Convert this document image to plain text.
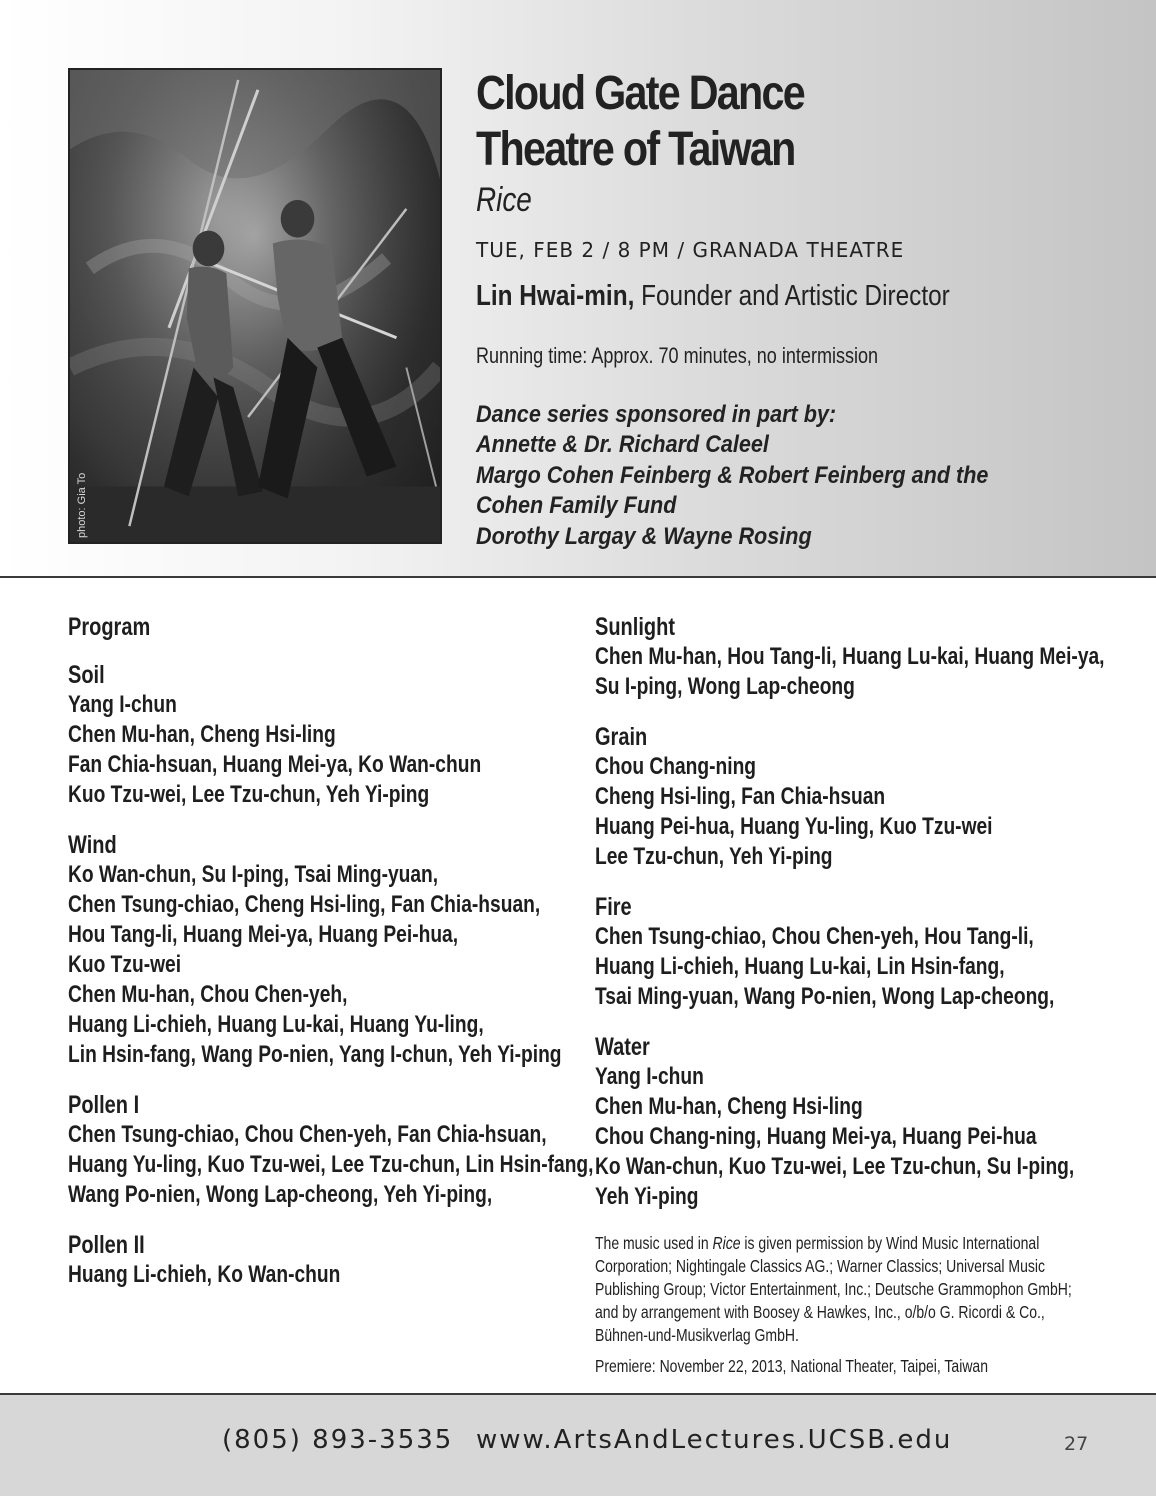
photo: Gia To
Cloud Gate Dance
Theatre of Taiwan
Rice
TUE, FEB 2 / 8 PM / GRANADA THEATRE
Lin Hwai-min, Founder and Artistic Director
Running time: Approx. 70 minutes, no intermission
Dance series sponsored in part by:
Annette & Dr. Richard Caleel
Margo Cohen Feinberg & Robert Feinberg and the
Cohen Family Fund
Dorothy Largay & Wayne Rosing
Program
Soil
Yang I-chun
Chen Mu-han, Cheng Hsi-ling
Fan Chia-hsuan, Huang Mei-ya, Ko Wan-chun
Kuo Tzu-wei, Lee Tzu-chun, Yeh Yi-ping
Wind
Ko Wan-chun, Su I-ping, Tsai Ming-yuan,
Chen Tsung-chiao, Cheng Hsi-ling, Fan Chia-hsuan,
Hou Tang-li, Huang Mei-ya, Huang Pei-hua,
Kuo Tzu-wei
Chen Mu-han, Chou Chen-yeh,
Huang Li-chieh, Huang Lu-kai, Huang Yu-ling,
Lin Hsin-fang, Wang Po-nien, Yang I-chun, Yeh Yi-ping
Pollen I
Chen Tsung-chiao, Chou Chen-yeh, Fan Chia-hsuan,
Huang Yu-ling, Kuo Tzu-wei, Lee Tzu-chun, Lin Hsin-fang,
Wang Po-nien, Wong Lap-cheong, Yeh Yi-ping,
Pollen II
Huang Li-chieh, Ko Wan-chun
Sunlight
Chen Mu-han, Hou Tang-li, Huang Lu-kai, Huang Mei-ya,
Su I-ping, Wong Lap-cheong
Grain
Chou Chang-ning
Cheng Hsi-ling, Fan Chia-hsuan
Huang Pei-hua, Huang Yu-ling, Kuo Tzu-wei
Lee Tzu-chun, Yeh Yi-ping
Fire
Chen Tsung-chiao, Chou Chen-yeh, Hou Tang-li,
Huang Li-chieh, Huang Lu-kai, Lin Hsin-fang,
Tsai Ming-yuan, Wang Po-nien, Wong Lap-cheong,
Water
Yang I-chun
Chen Mu-han, Cheng Hsi-ling
Chou Chang-ning, Huang Mei-ya, Huang Pei-hua
Ko Wan-chun, Kuo Tzu-wei, Lee Tzu-chun, Su I-ping,
Yeh Yi-ping
The music used in Rice is given permission by Wind Music International
Corporation; Nightingale Classics AG.; Warner Classics; Universal Music
Publishing Group; Victor Entertainment, Inc.; Deutsche Grammophon GmbH;
and by arrangement with Boosey & Hawkes, Inc., o/b/o G. Ricordi & Co.,
Bühnen-und-Musikverlag GmbH.
Premiere: November 22, 2013, National Theater, Taipei, Taiwan
(805) 893-3535 www.ArtsAndLectures.UCSB.edu	27
